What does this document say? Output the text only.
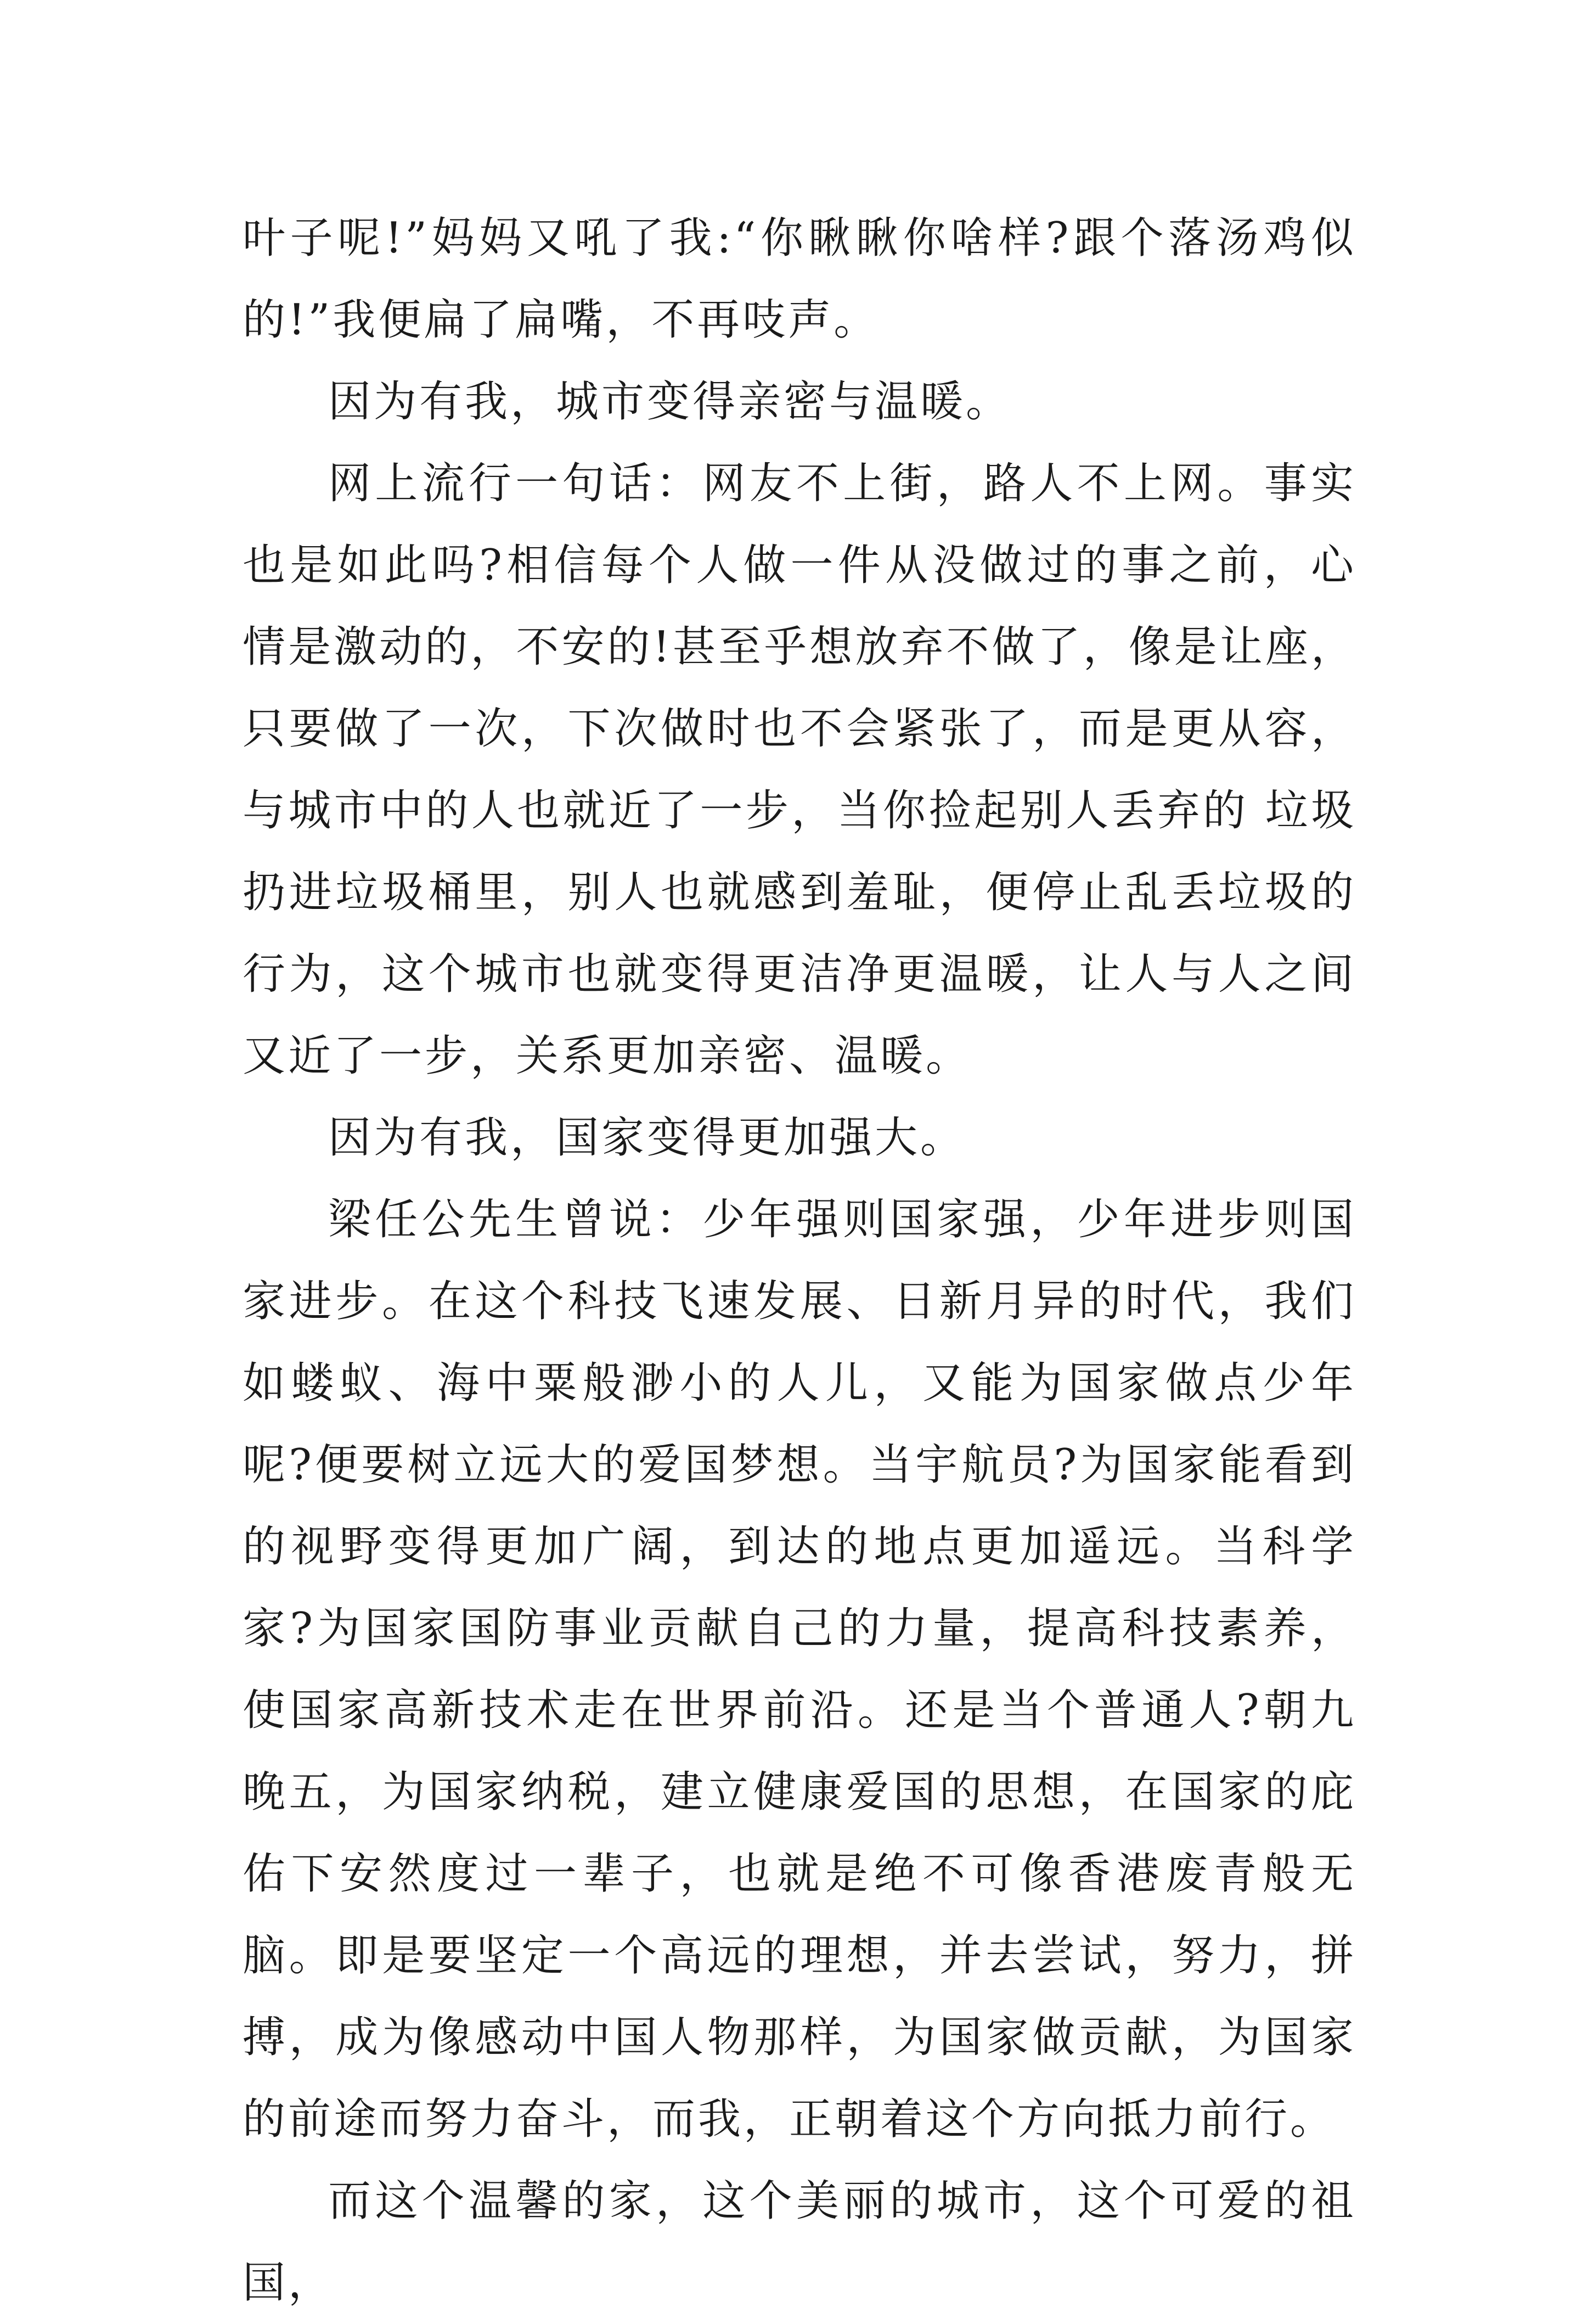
叶子呢!”妈妈又吼了我:“你瞅瞅你啥样?跟个落汤鸡似的!”我便扁了扁嘴，不再吱声。

因为有我，城市变得亲密与温暖。

网上流行一句话：网友不上街，路人不上网。事实也是如此吗?相信每个人做一件从没做过的事之前，心情是激动的，不安的!甚至乎想放弃不做了，像是让座，只要做了一次，下次做时也不会紧张了，而是更从容，与城市中的人也就近了一步，当你捡起别人丢弃的 垃圾扔进垃圾桶里，别人也就感到羞耻，便停止乱丢垃圾的行为，这个城市也就变得更洁净更温暖，让人与人之间又近了一步，关系更加亲密、温暖。

因为有我，国家变得更加强大。

梁任公先生曾说：少年强则国家强，少年进步则国家进步。在这个科技飞速发展、日新月异的时代，我们如蝼蚁、海中粟般渺小的人儿，又能为国家做点少年呢?便要树立远大的爱国梦想。当宇航员?为国家能看到的视野变得更加广阔，到达的地点更加遥远。当科学家?为国家国防事业贡献自己的力量，提高科技素养，使国家高新技术走在世界前沿。还是当个普通人?朝九晚五，为国家纳税，建立健康爱国的思想，在国家的庇佑下安然度过一辈子，也就是绝不可像香港废青般无脑。即是要坚定一个高远的理想，并去尝试，努力，拼搏，成为像感动中国人物那样，为国家做贡献，为国家的前途而努力奋斗，而我，正朝着这个方向抵力前行。

而这个温馨的家，这个美丽的城市，这个可爱的祖国，
